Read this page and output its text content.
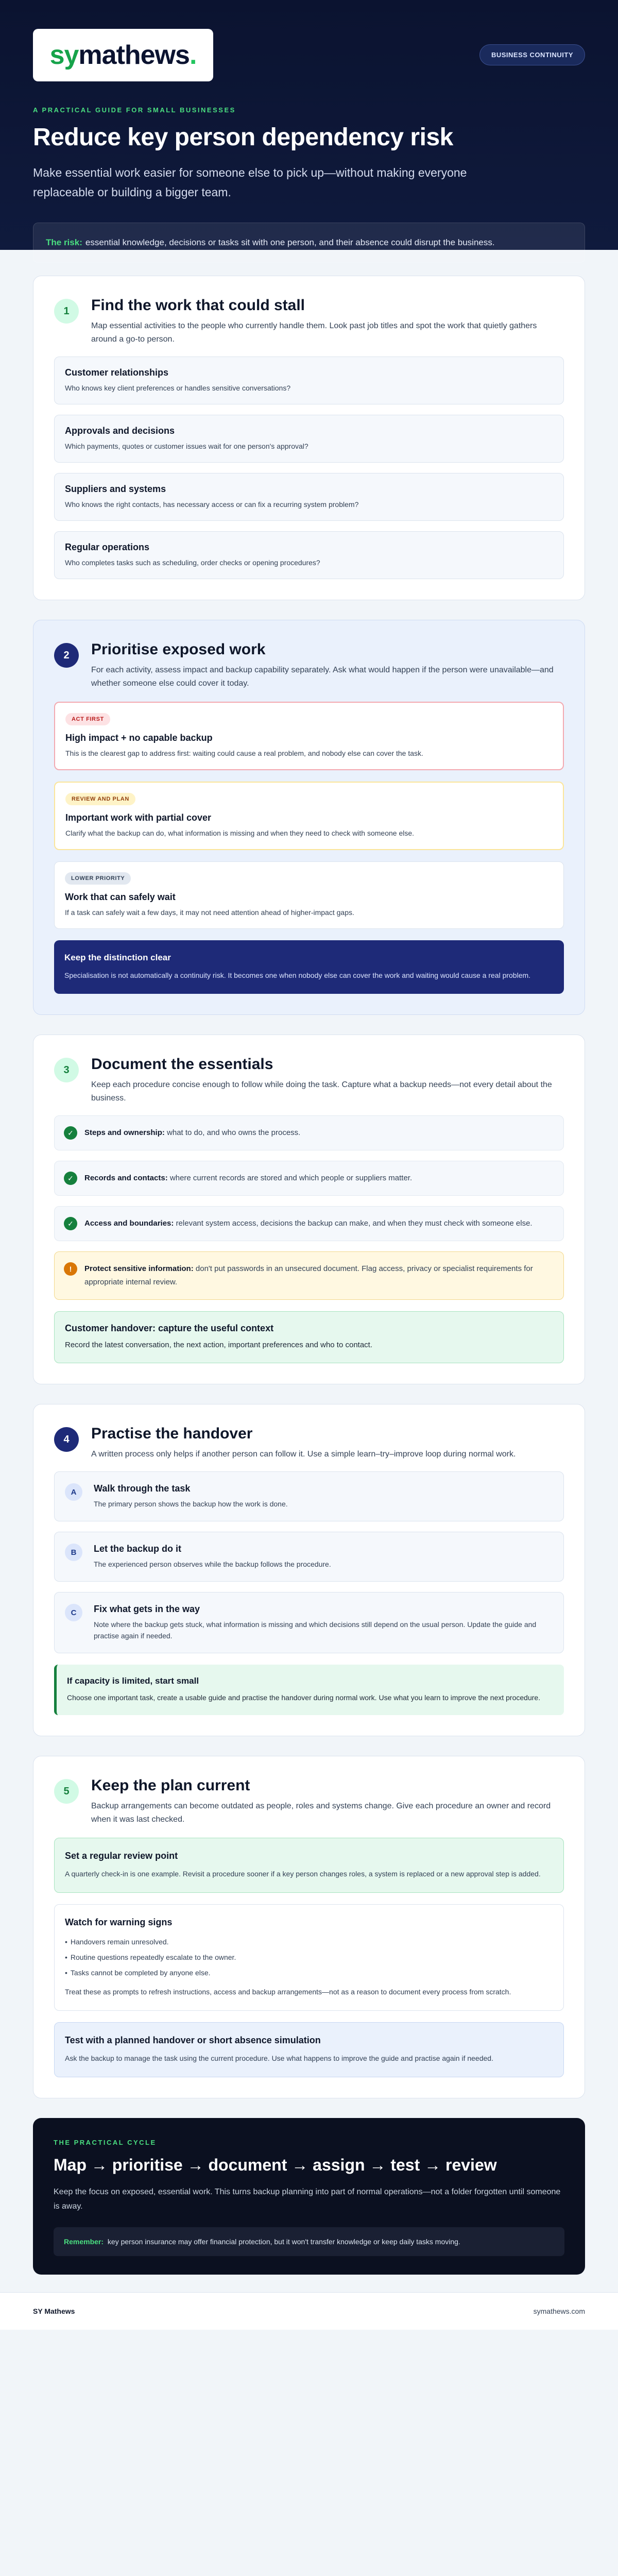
sy mathews .	BUSINESS CONTINUITY
A PRACTICAL GUIDE FOR SMALL BUSINESSES
Reduce key person dependency risk

Make essential work easier for someone else to pick up—without making everyone replaceable or building a bigger team.

The risk: essential knowledge, decisions or tasks sit with one person, and their absence could disrupt the business.
1	Find the work that could stall
Map essential activities to the people who currently handle them. Look past job titles and spot the work that quietly gathers around a go-to person.
Customer relationships
Who knows key client preferences or handles sensitive conversations?
Approvals and decisions
Which payments, quotes or customer issues wait for one person's approval?
Suppliers and systems
Who knows the right contacts, has necessary access or can fix a recurring system problem?
Regular operations
Who completes tasks such as scheduling, order checks or opening procedures?
2	Prioritise exposed work
For each activity, assess impact and backup capability separately. Ask what would happen if the person were unavailable—and whether someone else could cover it today.
ACT FIRST
High impact + no capable backup
This is the clearest gap to address first: waiting could cause a real problem, and nobody else can cover the task.
REVIEW AND PLAN
Important work with partial cover
Clarify what the backup can do, what information is missing and when they need to check with someone else.
LOWER PRIORITY
Work that can safely wait
If a task can safely wait a few days, it may not need attention ahead of higher-impact gaps.
Keep the distinction clear
Specialisation is not automatically a continuity risk. It becomes one when nobody else can cover the work and waiting would cause a real problem.
3	Document the essentials
Keep each procedure concise enough to follow while doing the task. Capture what a backup needs—not every detail about the business.
✓	Steps and ownership: what to do, and who owns the process.
✓	Records and contacts: where current records are stored and which people or suppliers matter.
✓	Access and boundaries: relevant system access, decisions the backup can make, and when they must check with someone else.
!	Protect sensitive information: don't put passwords in an unsecured document. Flag access, privacy or specialist requirements for appropriate internal review.
Customer handover: capture the useful context
Record the latest conversation, the next action, important preferences and who to contact.
4	Practise the handover
A written process only helps if another person can follow it. Use a simple learn–try–improve loop during normal work.
A	Walk through the task
The primary person shows the backup how the work is done.
B	Let the backup do it
The experienced person observes while the backup follows the procedure.
C	Fix what gets in the way
Note where the backup gets stuck, what information is missing and which decisions still depend on the usual person. Update the guide and practise again if needed.
If capacity is limited, start small
Choose one important task, create a usable guide and practise the handover during normal work. Use what you learn to improve the next procedure.
5	Keep the plan current
Backup arrangements can become outdated as people, roles and systems change. Give each procedure an owner and record when it was last checked.
Set a regular review point
A quarterly check-in is one example. Revisit a procedure sooner if a key person changes roles, a system is replaced or a new approval step is added.
Watch for warning signs
• Handovers remain unresolved.
• Routine questions repeatedly escalate to the owner.
• Tasks cannot be completed by anyone else.
Treat these as prompts to refresh instructions, access and backup arrangements—not as a reason to document every process from scratch.
Test with a planned handover or short absence simulation
Ask the backup to manage the task using the current procedure. Use what happens to improve the guide and practise again if needed.
THE PRACTICAL CYCLE
Map → prioritise → document → assign → test → review
Keep the focus on exposed, essential work. This turns backup planning into part of normal operations—not a folder forgotten until someone is away.
Remember: key person insurance may offer financial protection, but it won't transfer knowledge or keep daily tasks moving.
SY Mathews	symathews.com
